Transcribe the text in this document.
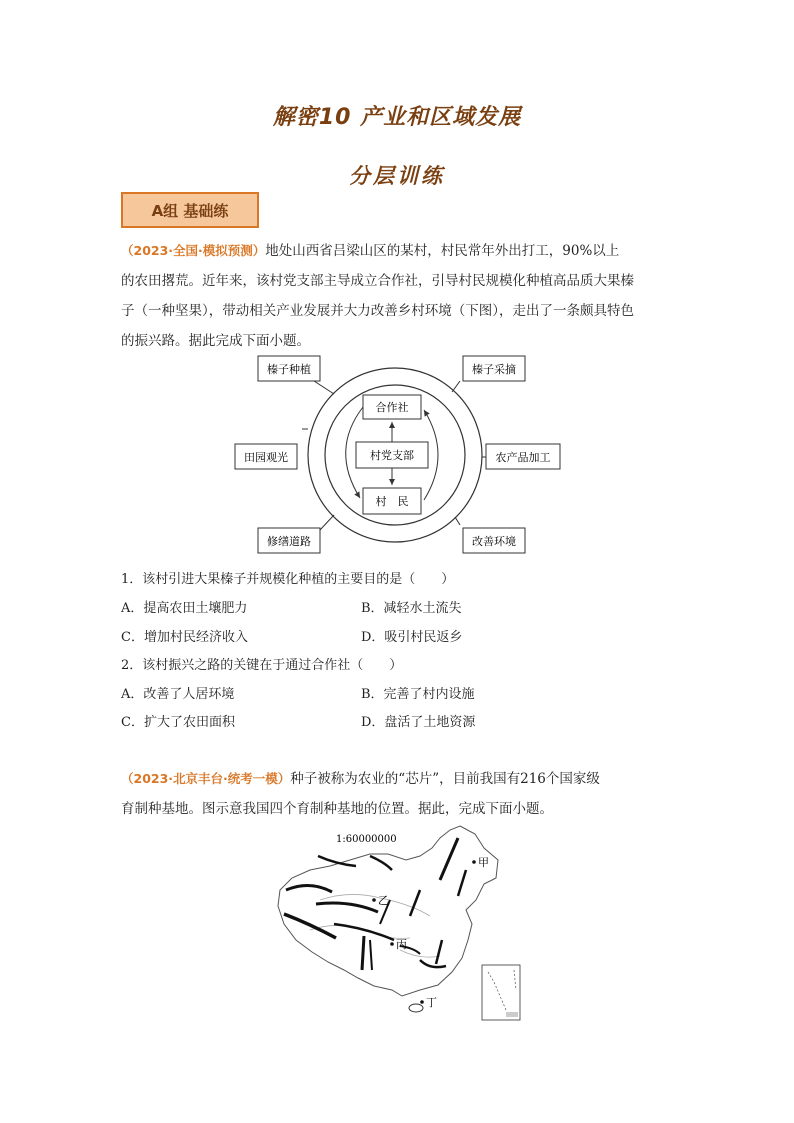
解密10 产业和区域发展
分层训练
A组 基础练
（2023·全国·模拟预测）地处山西省吕梁山区的某村，村民常年外出打工，90%以上
的农田撂荒。近年来，该村党支部主导成立合作社，引导村民规模化种植高品质大果榛
子（一种坚果），带动相关产业发展并大力改善乡村环境（下图），走出了一条颇具特色
的振兴路。据此完成下面小题。
榛子种植	榛子采摘
田园观光	农产品加工
修缮道路	改善环境
合作社
村党支部
村　民
1．该村引进大果榛子并规模化种植的主要目的是（　　）
A．提高农田土壤肥力	B．减轻水土流失
C．增加村民经济收入	D．吸引村民返乡
2．该村振兴之路的关键在于通过合作社（　　）
A．改善了人居环境	B．完善了村内设施
C．扩大了农田面积	D．盘活了土地资源
（2023·北京丰台·统考一模）种子被称为农业的“芯片”，目前我国有216个国家级
育制种基地。图示意我国四个育制种基地的位置。据此，完成下面小题。
1:60000000
甲
乙
丙
丁
